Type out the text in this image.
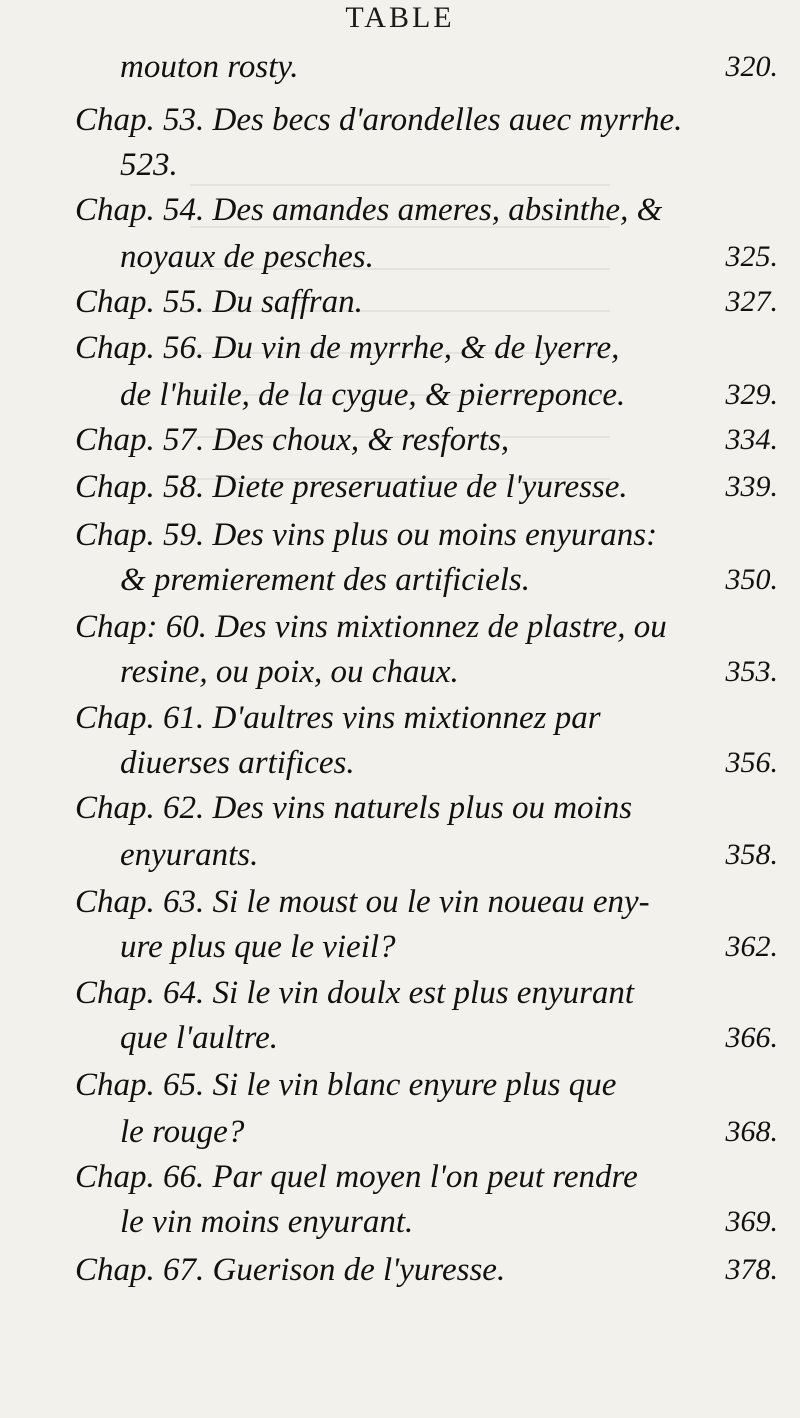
TABLE
mouton rosty.	320.
Chap. 53. Des becs d'arondelles auec myrrhe.
523.
Chap. 54. Des amandes ameres, absinthe, &
noyaux de pesches.	325.
Chap. 55. Du saffran.	327.
Chap. 56. Du vin de myrrhe, & de lyerre,
de l'huile, de la cygue, & pierreponce.	329.
Chap. 57. Des choux, & resforts,	334.
Chap. 58. Diete preseruatiue de l'yuresse.	339.
Chap. 59. Des vins plus ou moins enyurans:
& premierement des artificiels.	350.
Chap: 60. Des vins mixtionnez de plastre, ou
resine, ou poix, ou chaux.	353.
Chap. 61. D'aultres vins mixtionnez par
diuerses artifices.	356.
Chap. 62. Des vins naturels plus ou moins
enyurants.	358.
Chap. 63. Si le moust ou le vin noueau eny-
ure plus que le vieil?	362.
Chap. 64. Si le vin doulx est plus enyurant
que l'aultre.	366.
Chap. 65. Si le vin blanc enyure plus que
le rouge?	368.
Chap. 66. Par quel moyen l'on peut rendre
le vin moins enyurant.	369.
Chap. 67. Guerison de l'yuresse.	378.
